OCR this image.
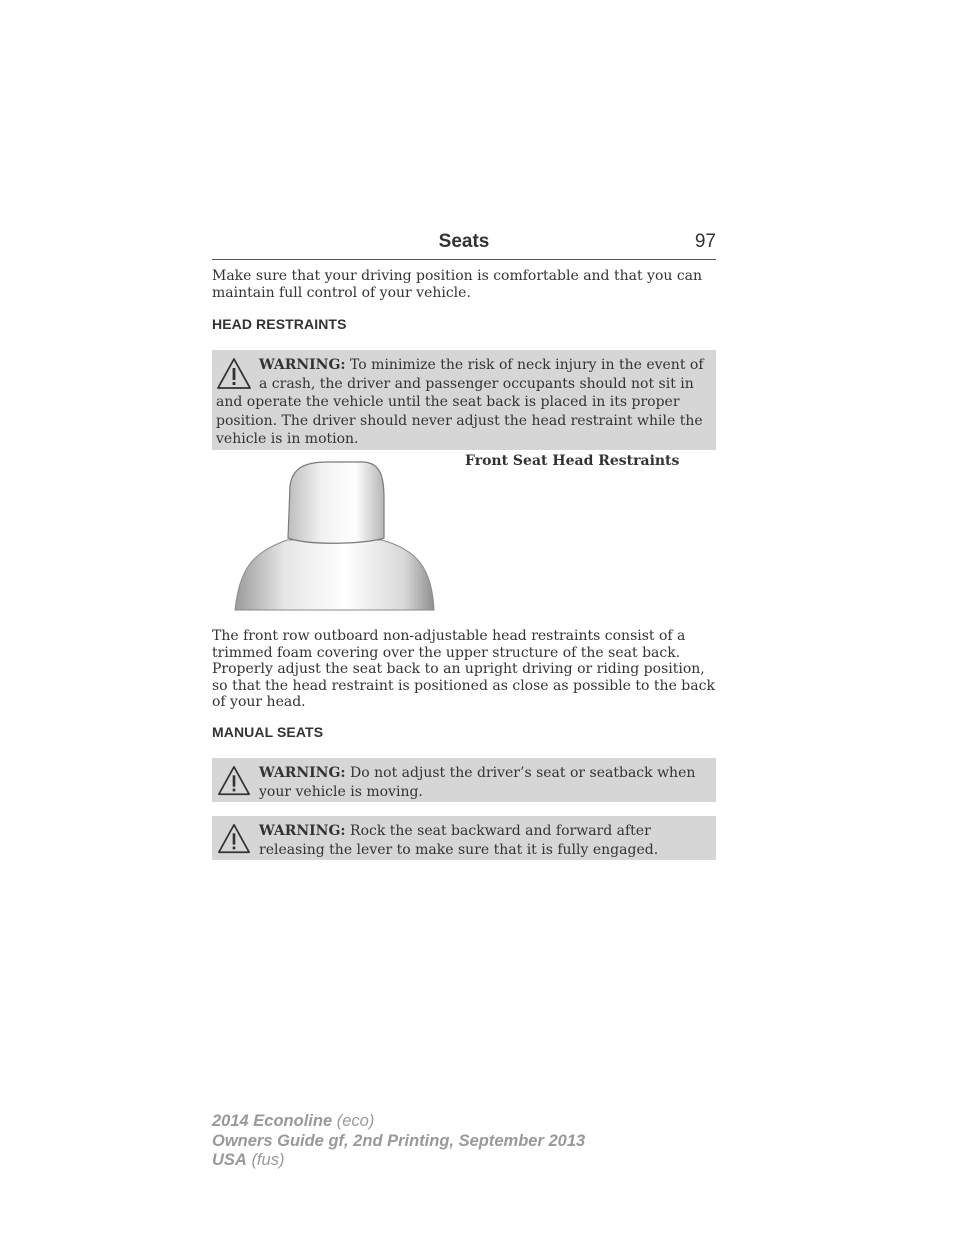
Seats	97

Make sure that your driving position is comfortable and that you can maintain full control of your vehicle.

HEAD RESTRAINTS
WARNING: To minimize the risk of neck injury in the event of a crash, the driver and passenger occupants should not sit in and operate the vehicle until the seat back is placed in its proper position. The driver should never adjust the head restraint while the vehicle is in motion.

Front Seat Head Restraints

The front row outboard non-adjustable head restraints consist of a trimmed foam covering over the upper structure of the seat back. Properly adjust the seat back to an upright driving or riding position, so that the head restraint is positioned as close as possible to the back of your head.

MANUAL SEATS
WARNING: Do not adjust the driver’s seat or seatback when your vehicle is moving.
WARNING: Rock the seat backward and forward after releasing the lever to make sure that it is fully engaged.
2014 Econoline (eco)
Owners Guide gf, 2nd Printing, September 2013
USA (fus)
